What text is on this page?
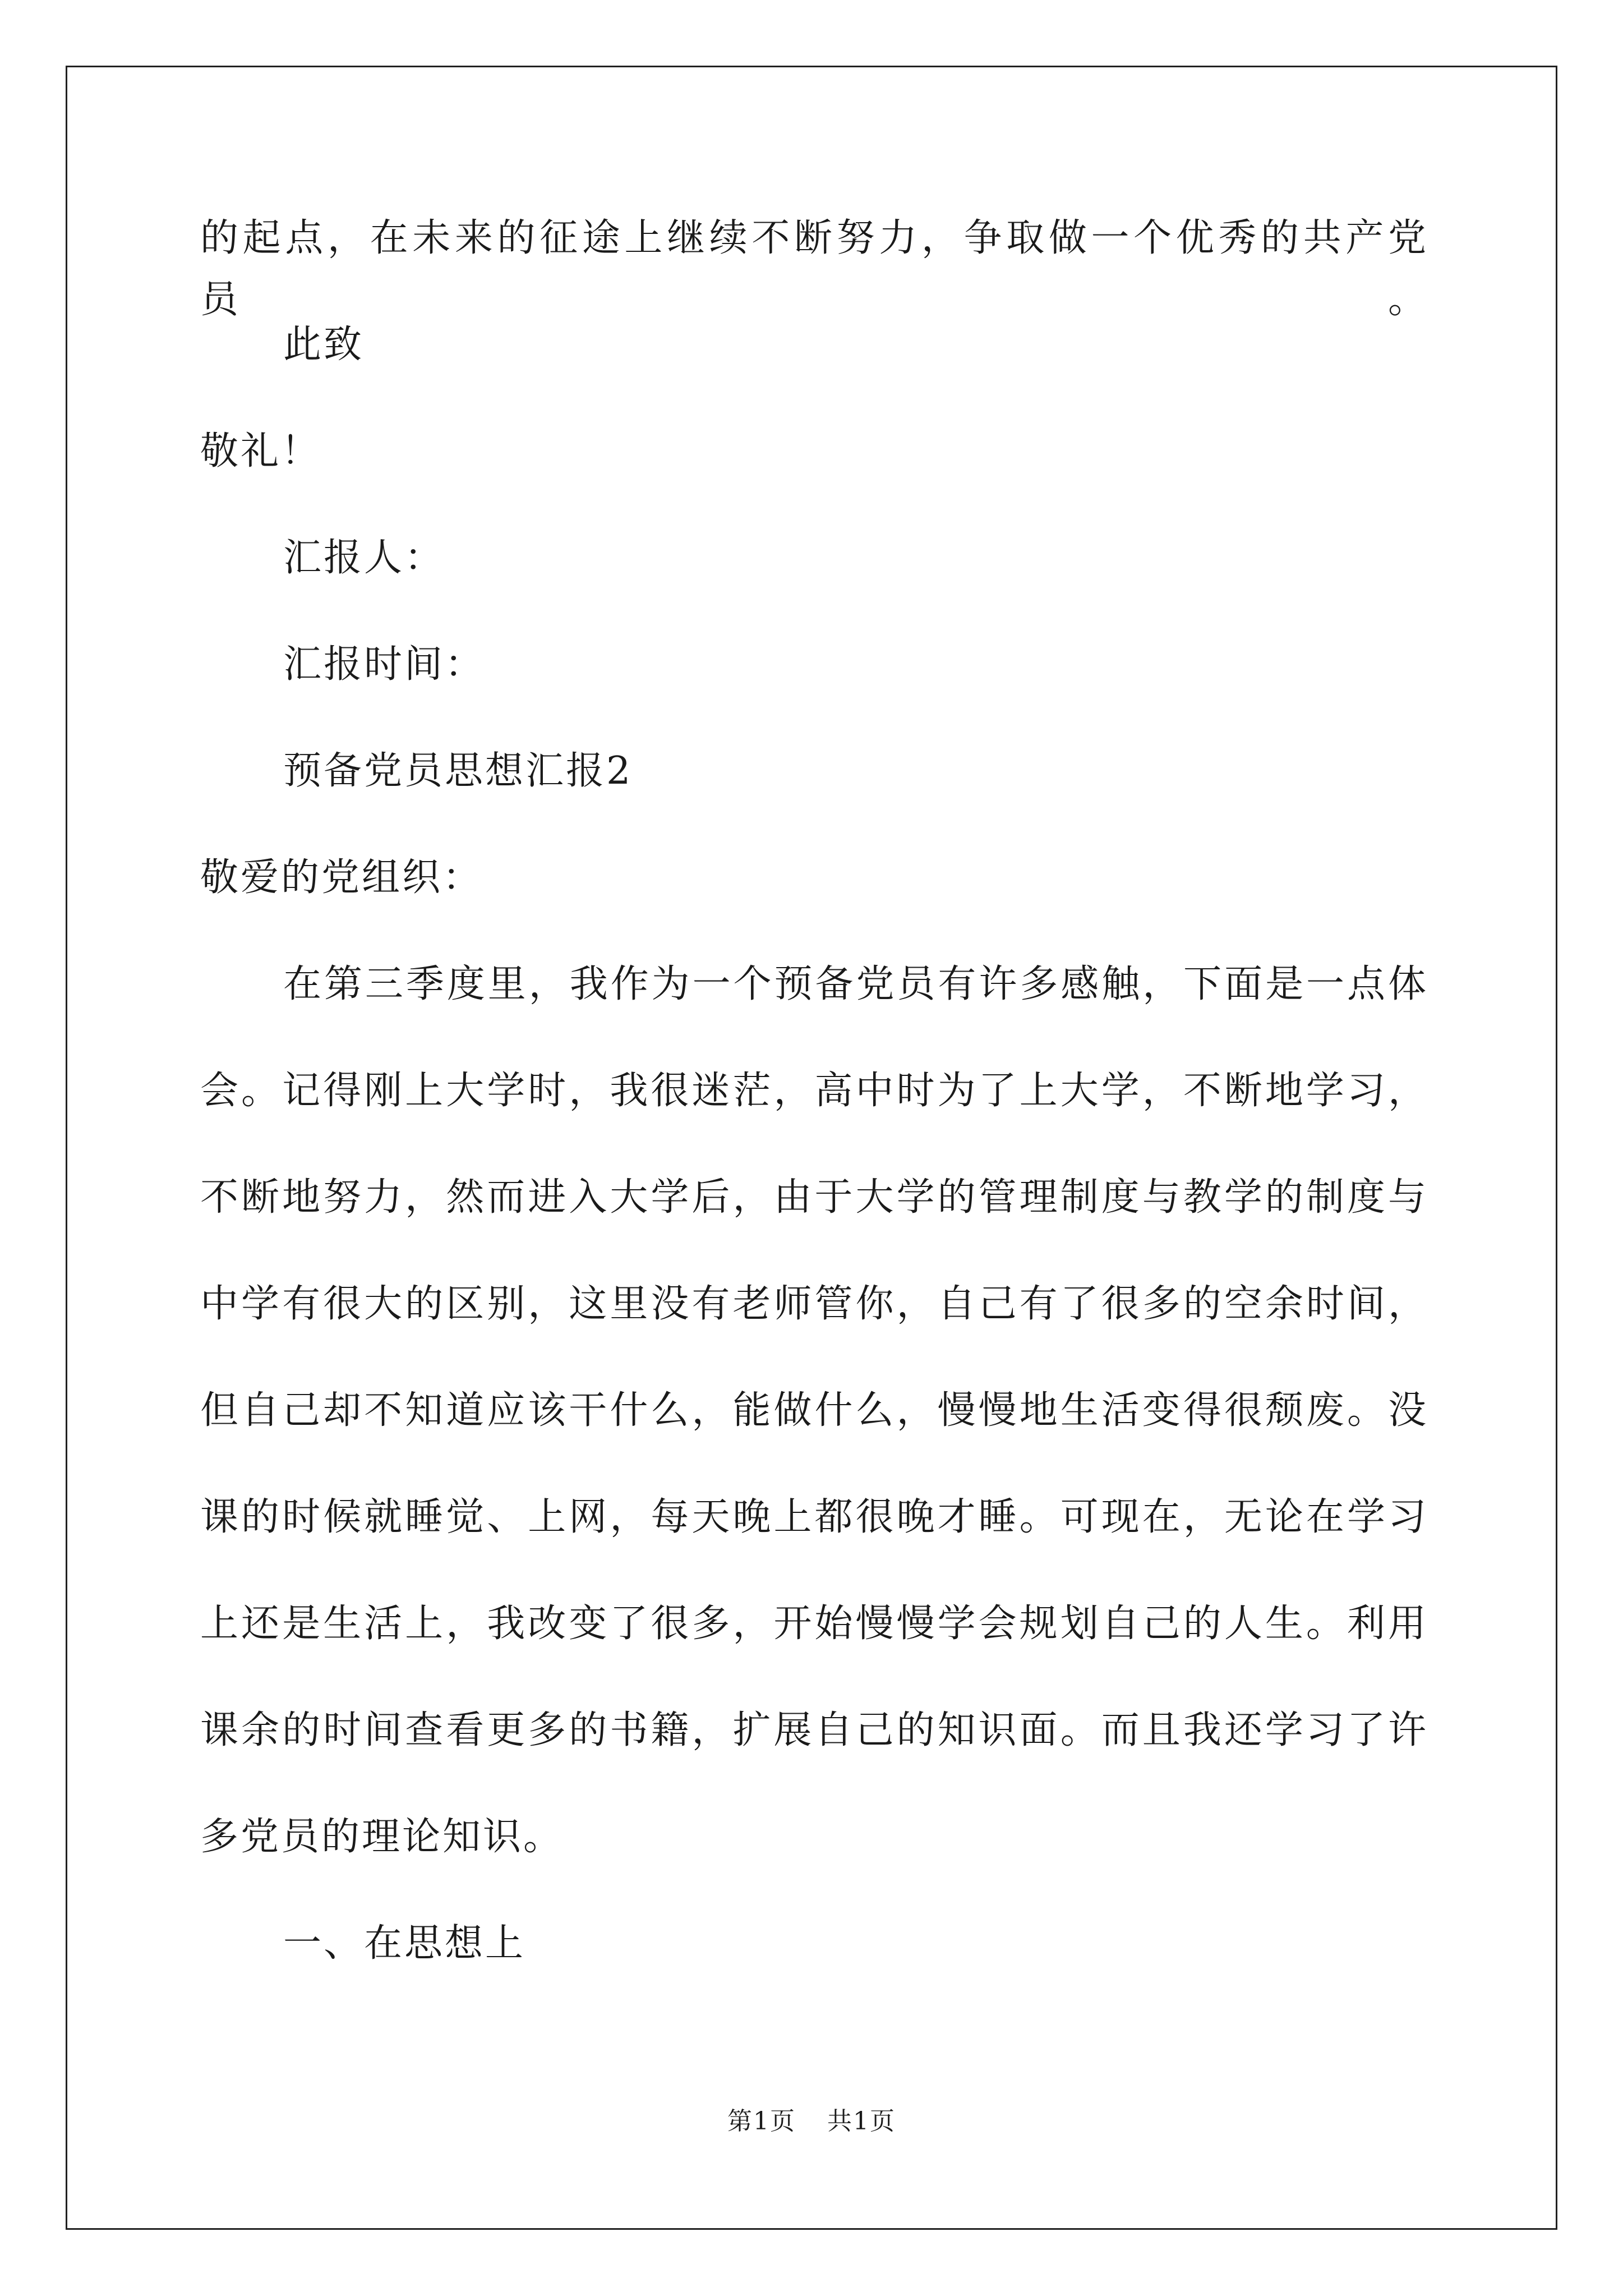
的起点，在未来的征途上继续不断努力，争取做一个优秀的共产党员。
此致
敬礼！
汇报人：
汇报时间：
预备党员思想汇报2
敬爱的党组织：
在第三季度里，我作为一个预备党员有许多感触，下面是一点体
会。记得刚上大学时，我很迷茫，高中时为了上大学，不断地学习，
不断地努力，然而进入大学后，由于大学的管理制度与教学的制度与
中学有很大的区别，这里没有老师管你，自己有了很多的空余时间，
但自己却不知道应该干什么，能做什么，慢慢地生活变得很颓废。没
课的时候就睡觉、上网，每天晚上都很晚才睡。可现在，无论在学习
上还是生活上，我改变了很多，开始慢慢学会规划自己的人生。利用
课余的时间查看更多的书籍，扩展自己的知识面。而且我还学习了许
多党员的理论知识。
一、在思想上
第1页 共1页
